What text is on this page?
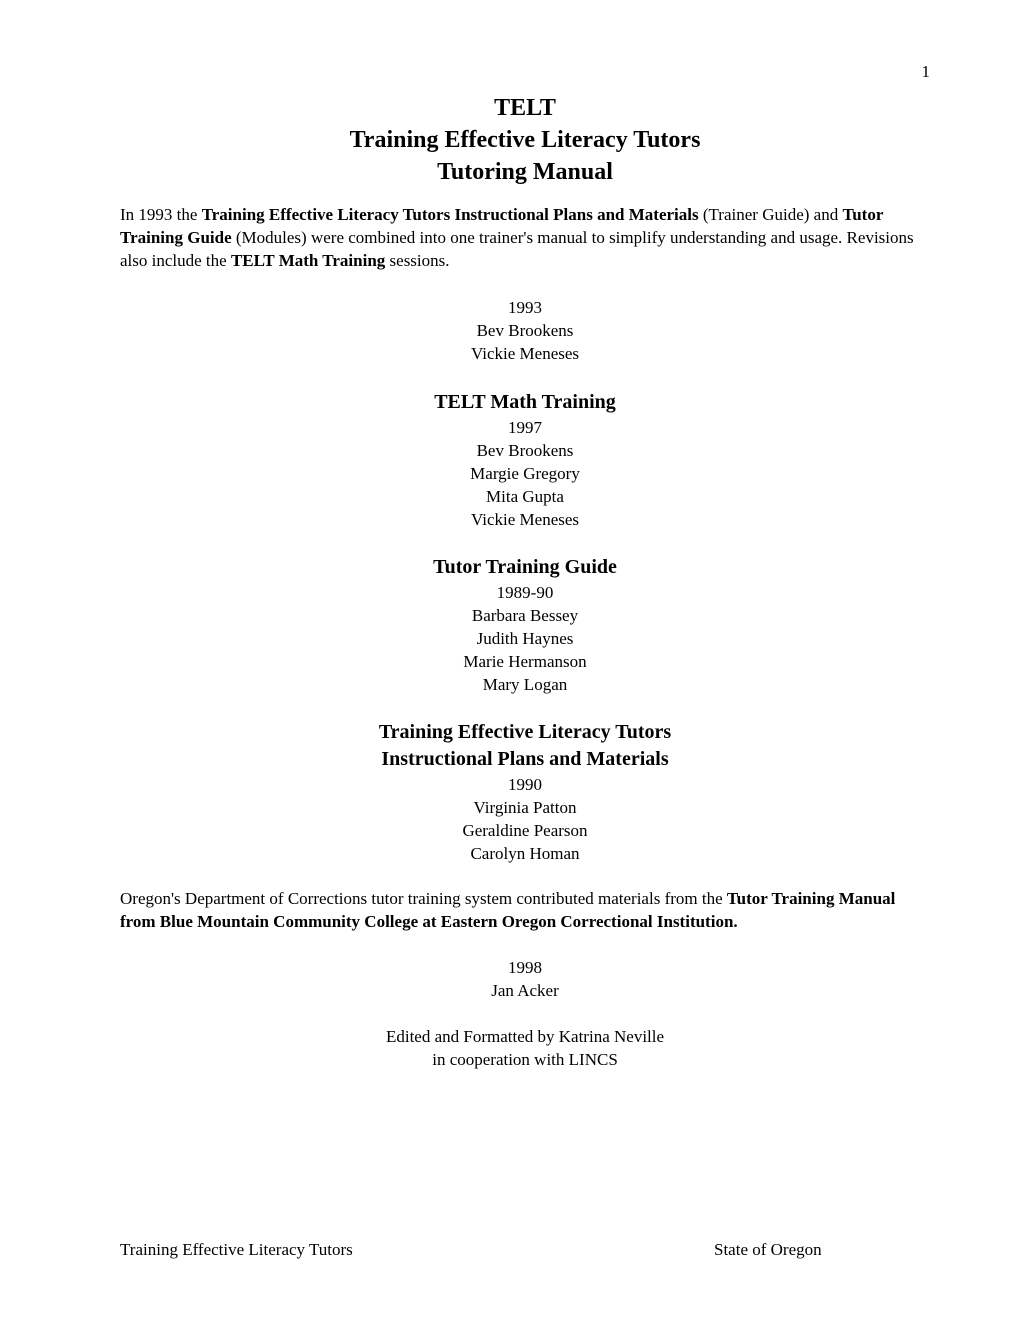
1
TELT
Training Effective Literacy Tutors
Tutoring Manual
In 1993 the Training Effective Literacy Tutors Instructional Plans and Materials (Trainer Guide) and Tutor Training Guide (Modules) were combined into one trainer's manual to simplify understanding and usage. Revisions also include the TELT Math Training sessions.
1993
Bev Brookens
Vickie Meneses
TELT Math Training
1997
Bev Brookens
Margie Gregory
Mita Gupta
Vickie Meneses
Tutor Training Guide
1989-90
Barbara Bessey
Judith Haynes
Marie Hermanson
Mary Logan
Training Effective Literacy Tutors
Instructional Plans and Materials
1990
Virginia Patton
Geraldine Pearson
Carolyn Homan
Oregon's Department of Corrections tutor training system contributed materials from the Tutor Training Manual from Blue Mountain Community College at Eastern Oregon Correctional Institution.
1998
Jan Acker
Edited and Formatted by Katrina Neville
in cooperation with LINCS
Training Effective Literacy Tutors	State of Oregon
